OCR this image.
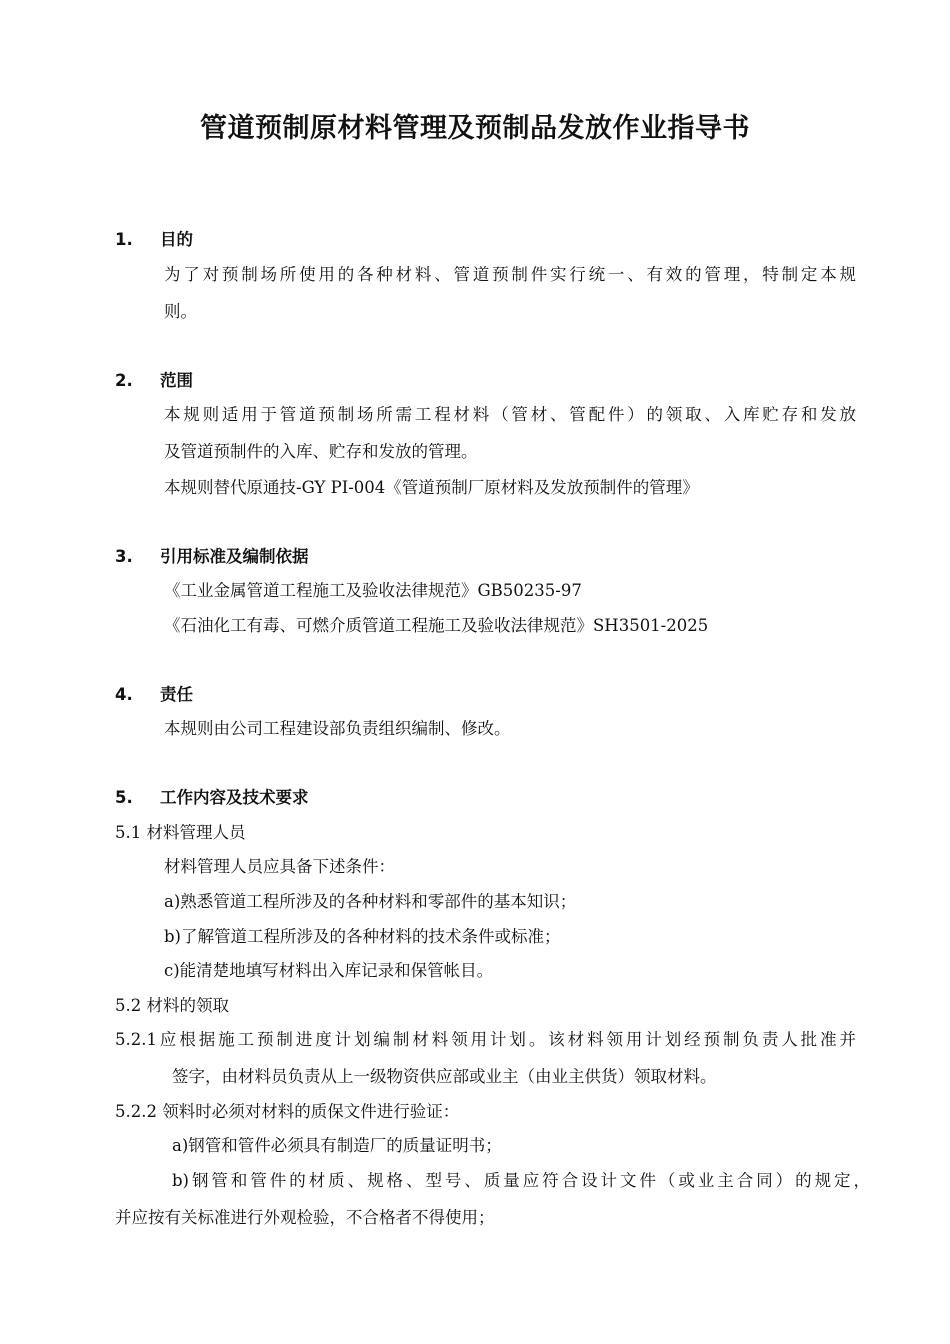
管道预制原材料管理及预制品发放作业指导书
1. 目的
为了对预制场所使用的各种材料、管道预制件实行统一、有效的管理，特制定本规
则。
2. 范围
本规则适用于管道预制场所需工程材料（管材、管配件）的领取、入库贮存和发放
及管道预制件的入库、贮存和发放的管理。
本规则替代原通技-GY PI-004《管道预制厂原材料及发放预制件的管理》
3. 引用标准及编制依据
《工业金属管道工程施工及验收法律规范》GB50235-97
《石油化工有毒、可燃介质管道工程施工及验收法律规范》SH3501-2025
4. 责任
本规则由公司工程建设部负责组织编制、修改。
5. 工作内容及技术要求
5.1 材料管理人员
材料管理人员应具备下述条件：
a)熟悉管道工程所涉及的各种材料和零部件的基本知识；
b)了解管道工程所涉及的各种材料的技术条件或标准；
c)能清楚地填写材料出入库记录和保管帐目。
5.2 材料的领取
5.2.1应根据施工预制进度计划编制材料领用计划。该材料领用计划经预制负责人批准并
签字，由材料员负责从上一级物资供应部或业主（由业主供货）领取材料。
5.2.2 领料时必须对材料的质保文件进行验证：
a)钢管和管件必须具有制造厂的质量证明书；
b)钢管和管件的材质、规格、型号、质量应符合设计文件（或业主合同）的规定，
并应按有关标准进行外观检验，不合格者不得使用；
